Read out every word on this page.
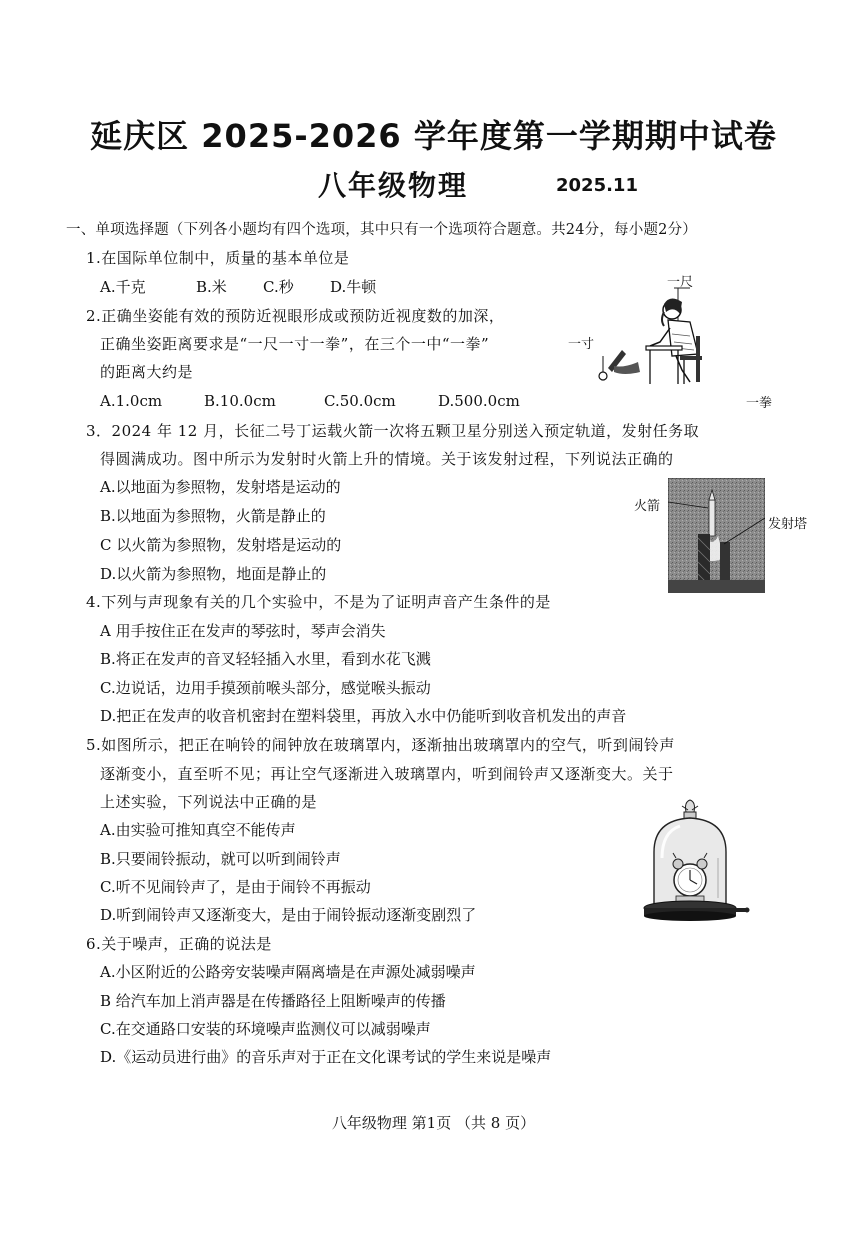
延庆区 2025-2026 学年度第一学期期中试卷
八年级物理	2025.11
一、单项选择题（下列各小题均有四个选项，其中只有一个选项符合题意。共24分，每小题2分）
1.在国际单位制中，质量的基本单位是
A.千克	B.米 C.秒 D.牛顿
2.正确坐姿能有效的预防近视眼形成或预防近视度数的加深，
正确坐姿距离要求是“一尺一寸一拳”，在三个一中“一拳”
的距离大约是
A.1.0cm	B.10.0cm	C.50.0cm	D.500.0cm
一尺
一寸
一拳
3．2024 年 12 月，长征二号丁运载火箭一次将五颗卫星分别送入预定轨道，发射任务取
得圆满成功。图中所示为发射时火箭上升的情境。关于该发射过程，下列说法正确的
A.以地面为参照物，发射塔是运动的
B.以地面为参照物，火箭是静止的
C 以火箭为参照物，发射塔是运动的
D.以火箭为参照物，地面是静止的
火箭
发射塔
4.下列与声现象有关的几个实验中，不是为了证明声音产生条件的是
A 用手按住正在发声的琴弦时，琴声会消失
B.将正在发声的音叉轻轻插入水里，看到水花飞溅
C.边说话，边用手摸颈前喉头部分，感觉喉头振动
D.把正在发声的收音机密封在塑料袋里，再放入水中仍能听到收音机发出的声音
5.如图所示，把正在响铃的闹钟放在玻璃罩内，逐渐抽出玻璃罩内的空气，听到闹铃声
逐渐变小，直至听不见；再让空气逐渐进入玻璃罩内，听到闹铃声又逐渐变大。关于
上述实验，下列说法中正确的是
A.由实验可推知真空不能传声
B.只要闹铃振动，就可以听到闹铃声
C.听不见闹铃声了，是由于闹铃不再振动
D.听到闹铃声又逐渐变大，是由于闹铃振动逐渐变剧烈了
6.关于噪声，正确的说法是
A.小区附近的公路旁安装噪声隔离墙是在声源处减弱噪声
B 给汽车加上消声器是在传播路径上阻断噪声的传播
C.在交通路口安装的环境噪声监测仪可以减弱噪声
D.《运动员进行曲》的音乐声对于正在文化课考试的学生来说是噪声
八年级物理 第1页 （共 8 页）
